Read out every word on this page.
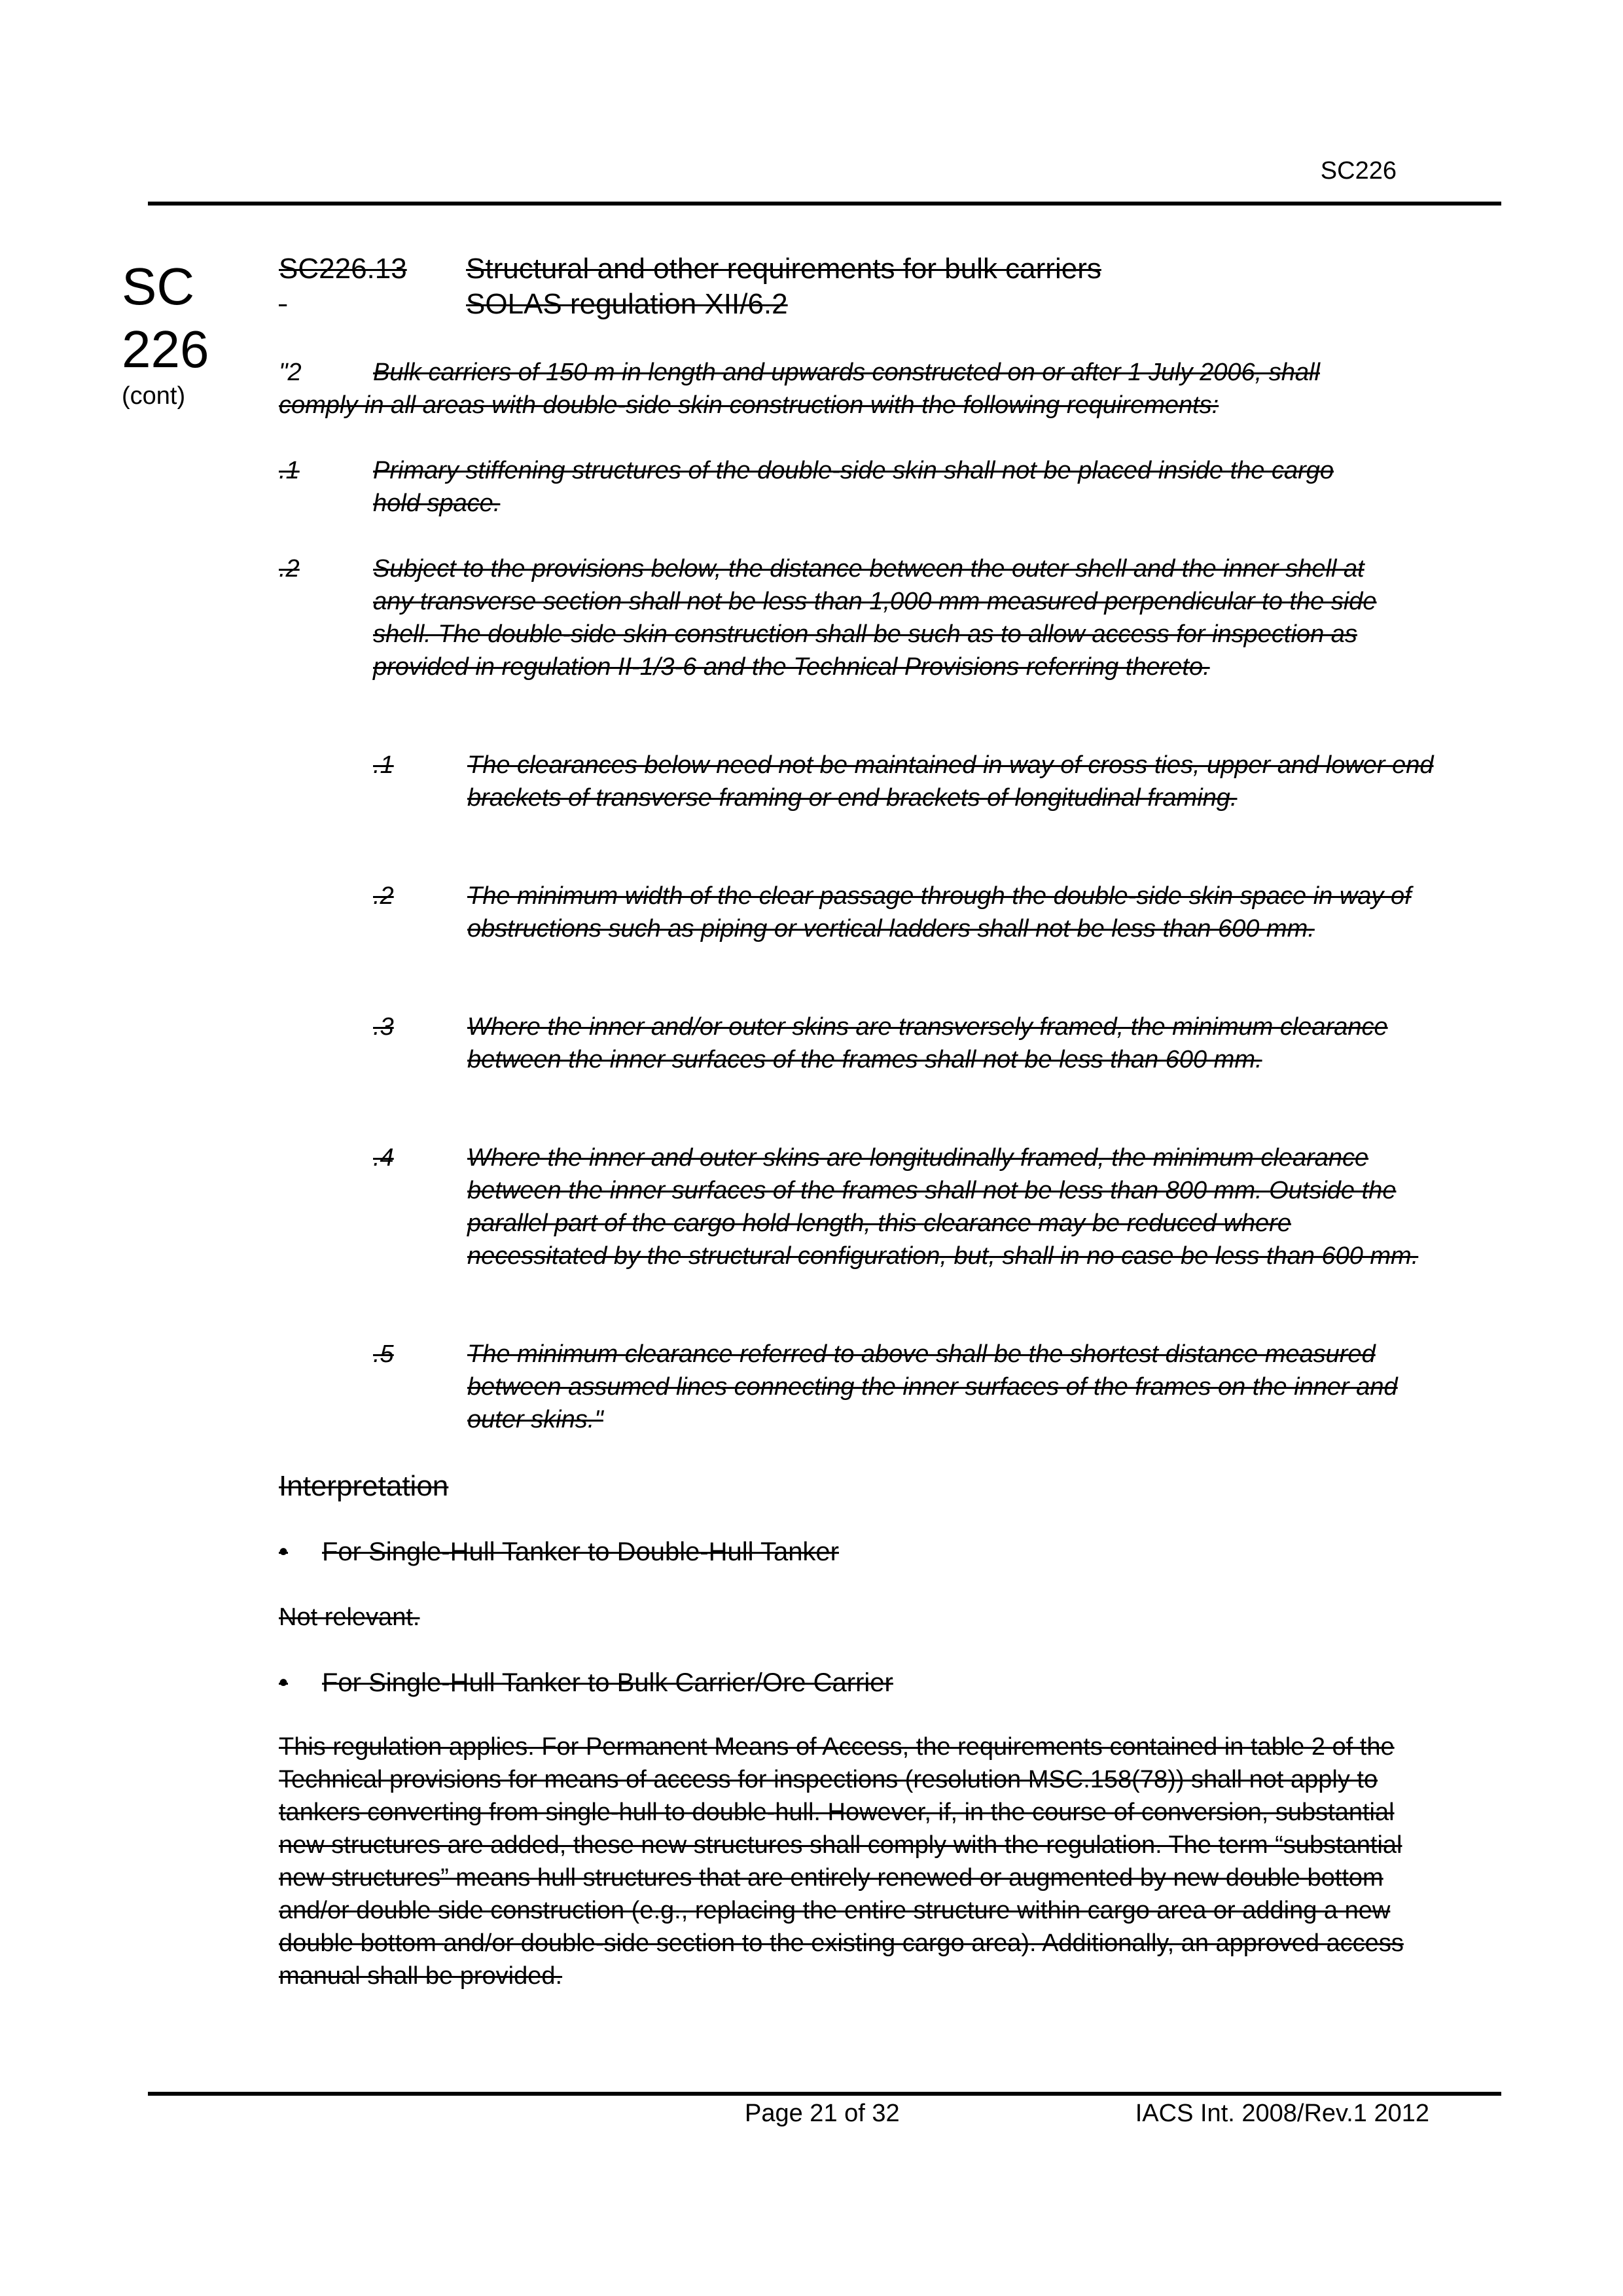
SC226
SC
226
(cont)
SC226.13 Structural and other requirements for bulk carriers
SOLAS regulation XII/6.2
"2	Bulk carriers of 150 m in length and upwards constructed on or after 1 July 2006, shall
comply in all areas with double-side skin construction with the following requirements:
.1	Primary stiffening structures of the double-side skin shall not be placed inside the cargo hold space.
.2	Subject to the provisions below, the distance between the outer shell and the inner shell at any transverse section shall not be less than 1,000 mm measured perpendicular to the side shell. The double-side skin construction shall be such as to allow access for inspection as provided in regulation II-1/3-6 and the Technical Provisions referring thereto.
.1	The clearances below need not be maintained in way of cross ties, upper and lower end brackets of transverse framing or end brackets of longitudinal framing.
.2	The minimum width of the clear passage through the double-side skin space in way of obstructions such as piping or vertical ladders shall not be less than 600 mm.
.3	Where the inner and/or outer skins are transversely framed, the minimum clearance between the inner surfaces of the frames shall not be less than 600 mm.
.4	Where the inner and outer skins are longitudinally framed, the minimum clearance between the inner surfaces of the frames shall not be less than 800 mm. Outside the parallel part of the cargo hold length, this clearance may be reduced where necessitated by the structural configuration, but, shall in no case be less than 600 mm.
.5	The minimum clearance referred to above shall be the shortest distance measured between assumed lines connecting the inner surfaces of the frames on the inner and outer skins."
Interpretation
• For Single-Hull Tanker to Double-Hull Tanker
Not relevant.
• For Single-Hull Tanker to Bulk Carrier/Ore Carrier
This regulation applies. For Permanent Means of Access, the requirements contained in table 2 of the Technical provisions for means of access for inspections (resolution MSC.158(78)) shall not apply to tankers converting from single-hull to double-hull. However, if, in the course of conversion, substantial new structures are added, these new structures shall comply with the regulation. The term “substantial new structures” means hull structures that are entirely renewed or augmented by new double bottom and/or double side construction (e.g., replacing the entire structure within cargo area or adding a new double bottom and/or double-side section to the existing cargo area). Additionally, an approved access manual shall be provided.
Page 21 of 32	IACS Int. 2008/Rev.1 2012
